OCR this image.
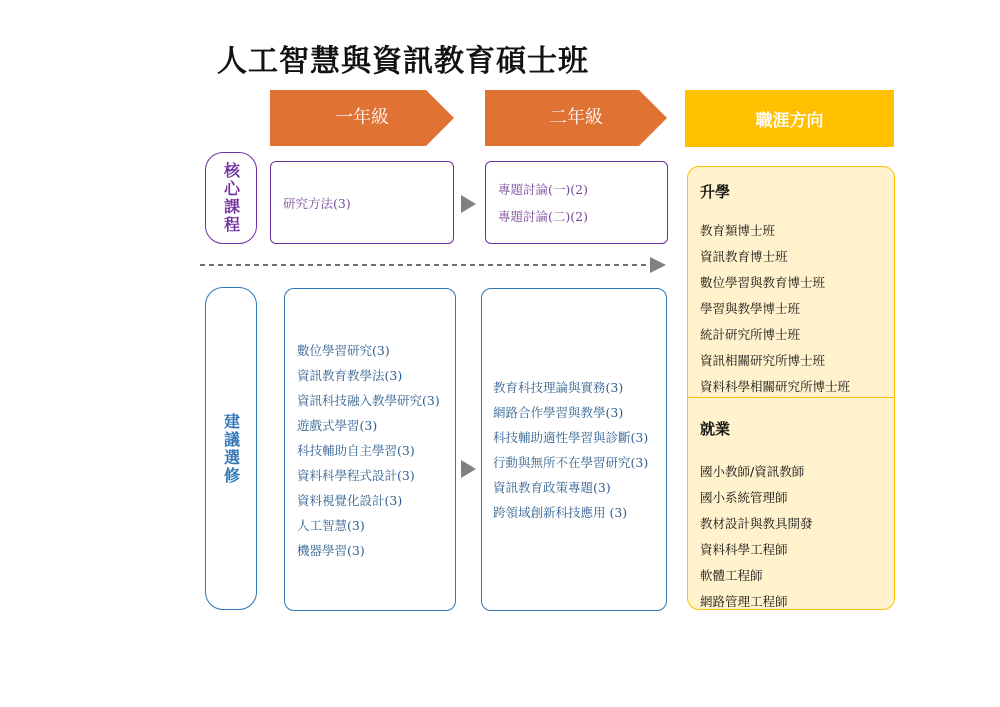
人工智慧與資訊教育碩士班
一年級	二年級	職涯方向
核心課程	研究方法(3)
專題討論(一)(2)
專題討論(二)(2)
建議選修
數位學習研究(3)
資訊教育教學法(3)
資訊科技融入教學研究(3)
遊戲式學習(3)
科技輔助自主學習(3)
資料科學程式設計(3)
資料視覺化設計(3)
人工智慧(3)
機器學習(3)
教育科技理論與實務(3)
網路合作學習與教學(3)
科技輔助適性學習與診斷(3)
行動與無所不在學習研究(3)
資訊教育政策專題(3)
跨領域創新科技應用 (3)
升學
教育類博士班
資訊教育博士班
數位學習與教育博士班
學習與教學博士班
統計研究所博士班
資訊相關研究所博士班
資料科學相關研究所博士班
就業
國小教師/資訊教師
國小系統管理師
教材設計與教具開發
資料科學工程師
軟體工程師
網路管理工程師
